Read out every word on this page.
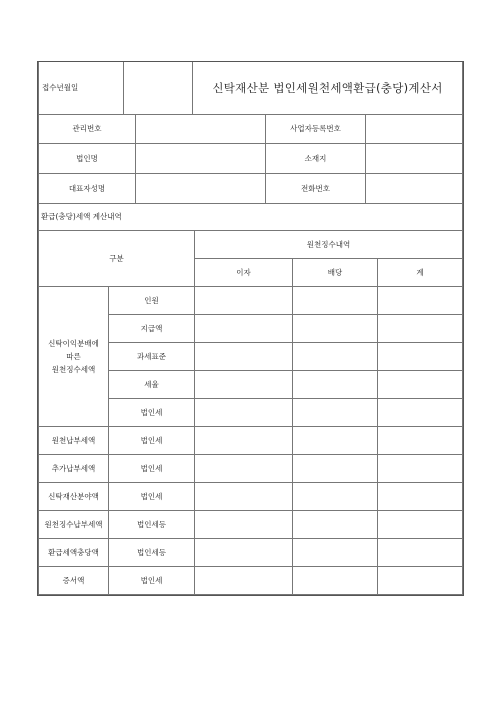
접수년월일		신탁재산분 법인세원천세액환급(충당)계산서
관리번호		사업자등록번호	
법인명		소재지	
대표자성명		전화번호	
환급(충당)세액 계산내역			
구분		원천징수내역		
		이자	배당	계

신탁이익분배에
따른
원천징수세액	인원			
	지급액			
	과세표준			
	세율			
	법인세			
원천납부세액	법인세			
추가납부세액	법인세			
신탁재산분야액	법인세			
원천징수납부세액	법인세등			
환급세액충당액	법인세등			
증서액	법인세			
